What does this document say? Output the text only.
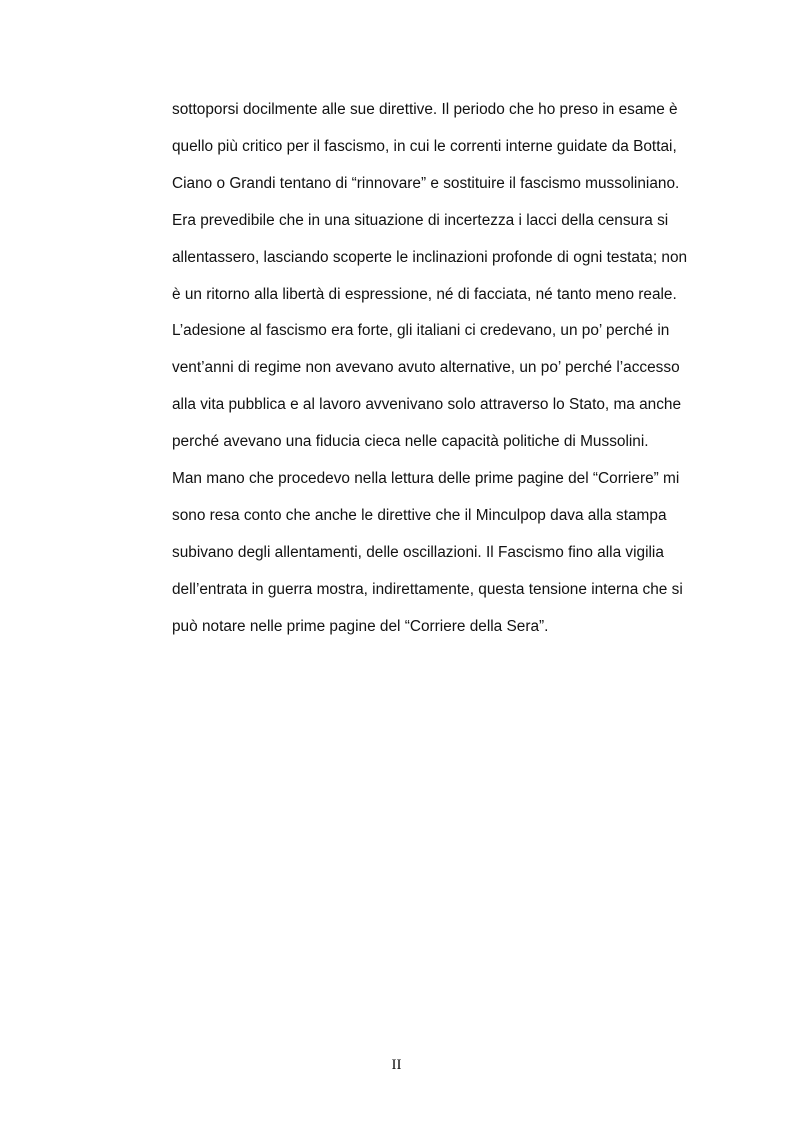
sottoporsi docilmente alle sue direttive. Il periodo che ho preso in esame è
quello più critico per il fascismo, in cui le correnti interne guidate da Bottai,
Ciano o Grandi tentano di “rinnovare” e sostituire il fascismo mussoliniano.
Era prevedibile che in una situazione di incertezza i lacci della censura si
allentassero, lasciando scoperte le inclinazioni profonde di ogni testata; non
è un ritorno alla libertà di espressione, né di facciata, né tanto meno reale.
L’adesione al fascismo era forte, gli italiani ci credevano, un po’ perché in
vent’anni di regime non avevano avuto alternative, un po’ perché l’accesso
alla vita pubblica e al lavoro avvenivano solo attraverso lo Stato, ma anche
perché avevano una fiducia cieca nelle capacità politiche di Mussolini.
Man mano che procedevo nella lettura delle prime pagine del “Corriere” mi
sono resa conto che anche le direttive che il Minculpop dava alla stampa
subivano degli allentamenti, delle oscillazioni. Il Fascismo fino alla vigilia
dell’entrata in guerra mostra, indirettamente, questa tensione interna che si
può notare nelle prime pagine del “Corriere della Sera”.

II
